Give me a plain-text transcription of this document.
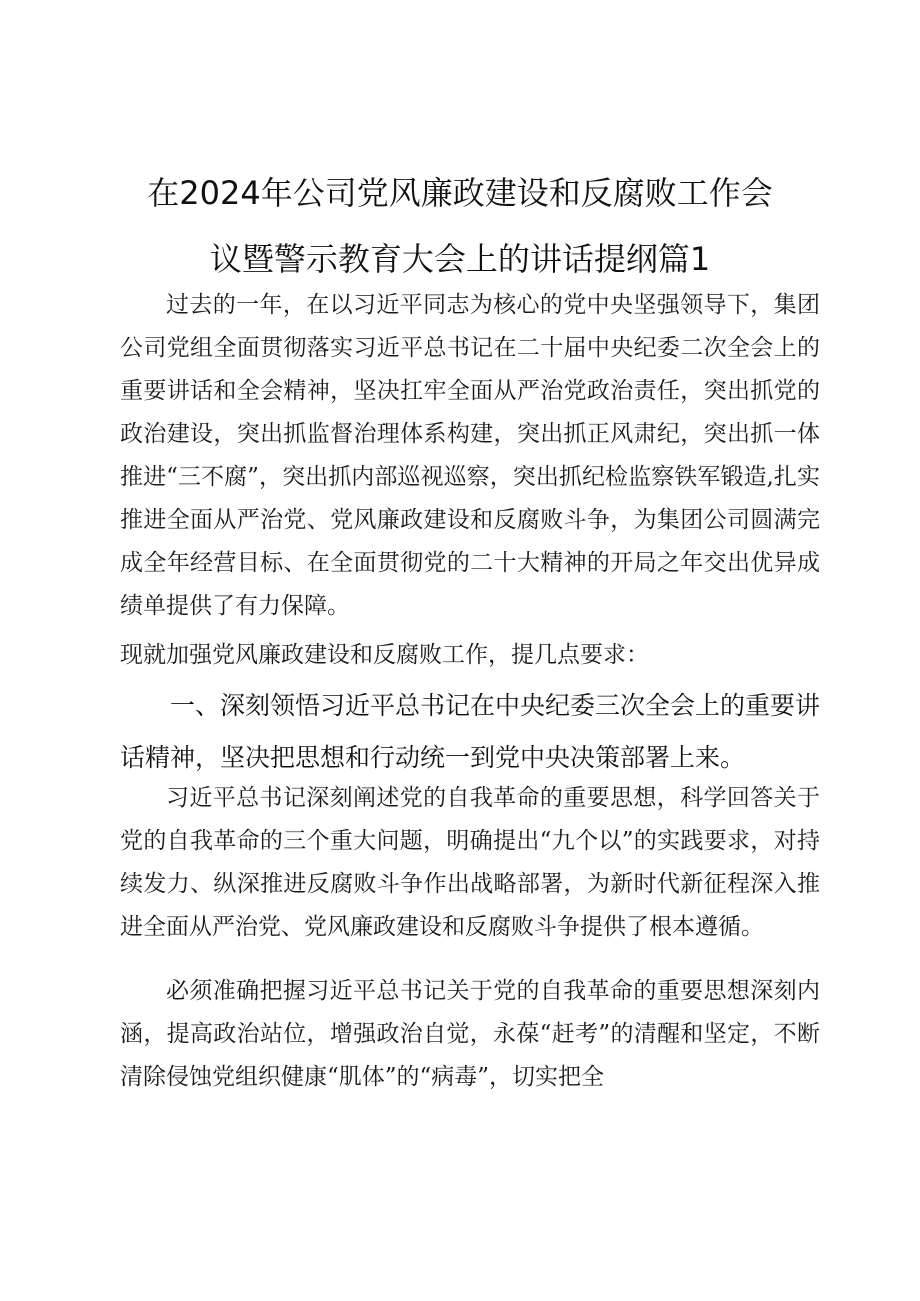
在2024年公司党风廉政建设和反腐败工作会
议暨警示教育大会上的讲话提纲篇1
过去的一年，在以习近平同志为核心的党中央坚强领导下，集团公司党组全面贯彻落实习近平总书记在二十届中央纪委二次全会上的重要讲话和全会精神，坚决扛牢全面从严治党政治责任，突出抓党的政治建设，突出抓监督治理体系构建，突出抓正风肃纪，突出抓一体推进“三不腐”，突出抓内部巡视巡察，突出抓纪检监察铁军锻造,扎实推进全面从严治党、党风廉政建设和反腐败斗争，为集团公司圆满完成全年经营目标、在全面贯彻党的二十大精神的开局之年交出优异成绩单提供了有力保障。
现就加强党风廉政建设和反腐败工作，提几点要求：
一、深刻领悟习近平总书记在中央纪委三次全会上的重要讲话精神，坚决把思想和行动统一到党中央决策部署上来。
习近平总书记深刻阐述党的自我革命的重要思想，科学回答关于党的自我革命的三个重大问题，明确提出“九个以”的实践要求，对持续发力、纵深推进反腐败斗争作出战略部署，为新时代新征程深入推进全面从严治党、党风廉政建设和反腐败斗争提供了根本遵循。
必须准确把握习近平总书记关于党的自我革命的重要思想深刻内涵，提高政治站位，增强政治自觉，永葆“赶考”的清醒和坚定，不断清除侵蚀党组织健康“肌体”的“病毒”，切实把全
